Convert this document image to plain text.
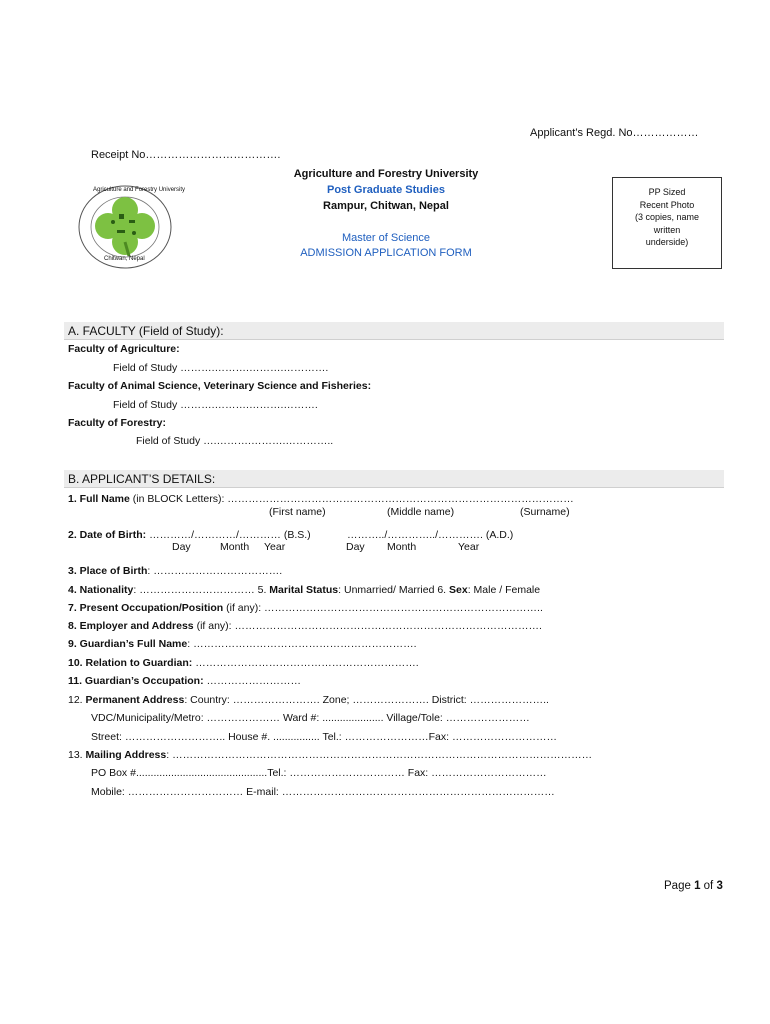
Applicant’s Regd. No………………
Receipt No……………………………….
Agriculture and Forestry University
Chitwan, Nepal
Agriculture and Forestry University
Post Graduate Studies
Rampur, Chitwan, Nepal
Master of Science
ADMISSION APPLICATION FORM
PP Sized
Recent Photo
(3 copies, name
written
underside)
A. FACULTY (Field of Study):
Faculty of Agriculture:
Field of Study ……….……….……….………….
Faculty of Animal Science, Veterinary Science and Fisheries:
Field of Study ……….……….……….……….
Faculty of Forestry:
Field of Study ….……….……….…………..
B. APPLICANT’S DETAILS:
1. Full Name (in BLOCK Letters): ………………………………………………………………………………………
(First name)	(Middle name)	(Surname)
2. Date of Birth: …………/…………/………… (B.S.)	………../…………../…………. (A.D.)
Day	Month Year	Day Month	Year
3. Place of Birth: ……………………………….
4. Nationality: …………………………… 5. Marital Status: Unmarried/ Married 6. Sex: Male / Female
7. Present Occupation/Position (if any): ……………………………………………………………………..
8. Employer and Address (if any): …………………………………………………………………………….
9. Guardian’s Full Name: ……………………………………………………….
10. Relation to Guardian: ……………………………………………………….
11. Guardian’s Occupation: ………………………
12. Permanent Address: Country: ……………………. Zone; …………………. District: …………………..
VDC/Municipality/Metro: ………………… Ward #: ..................... Village/Tole: ……………………
Street: ……………………….. House #. ................ Tel.: ……………………Fax: …………………………
13. Mailing Address: …………………………………………………………………………………………………………
PO Box #.............................................Tel.: …………………………… Fax: ……………………………
Mobile: …………………………… E-mail: ……………………………………………………………………
Page 1 of 3
